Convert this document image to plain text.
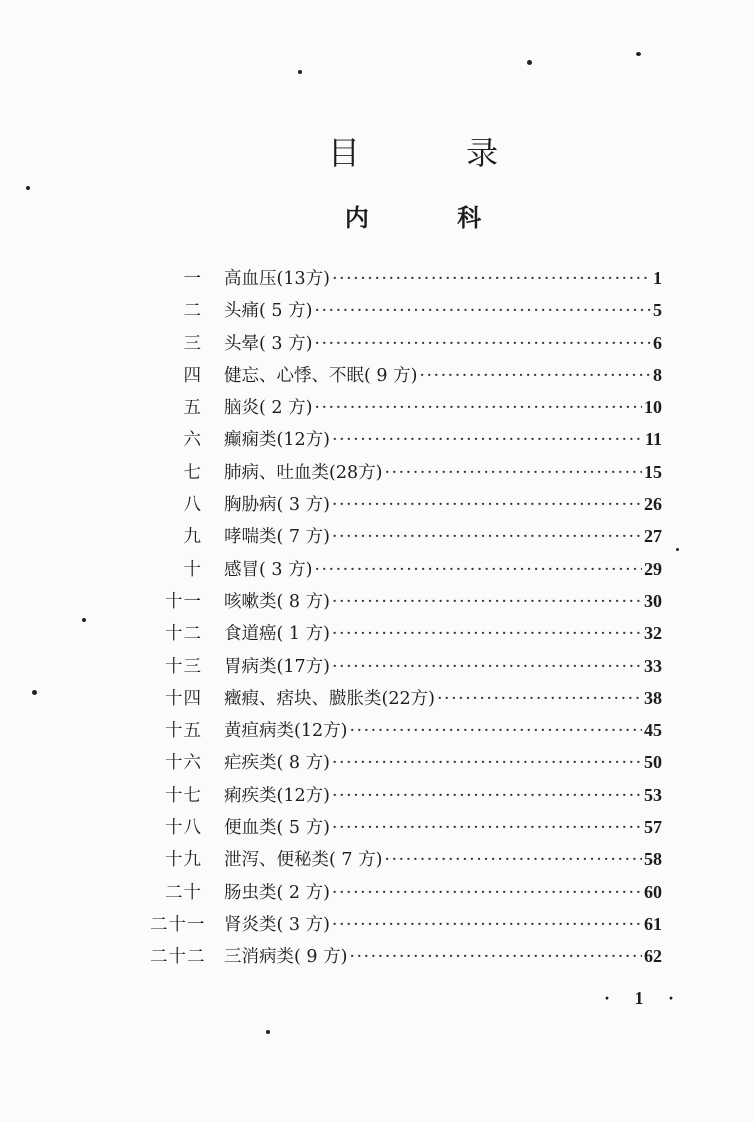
目 录
内 科
一	高血压(13方) ·····	1
二	头痛( 5 方) ·····	5
三	头晕( 3 方) ·····	6
四	健忘、心悸、不眠( 9 方) ·····	8
五	脑炎( 2 方) ·····	10
六	癫痫类(12方) ·····	11
七	肺病、吐血类(28方) ·····	15
八	胸胁病( 3 方) ·····	26
九	哮喘类( 7 方) ·····	27
十	感冒( 3 方) ·····	29
十一	咳嗽类( 8 方) ·····	30
十二	食道癌( 1 方) ·····	32
十三	胃病类(17方) ·····	33
十四	癥瘕、痞块、臌胀类(22方) ·····	38
十五	黄疸病类(12方) ·····	45
十六	疟疾类( 8 方) ·····	50
十七	痢疾类(12方) ·····	53
十八	便血类( 5 方) ·····	57
十九	泄泻、便秘类( 7 方) ·····	58
二十	肠虫类( 2 方) ·····	60
二十一	肾炎类( 3 方) ·····	61
二十二	三消病类( 9 方) ·····	62
· 1 ·
